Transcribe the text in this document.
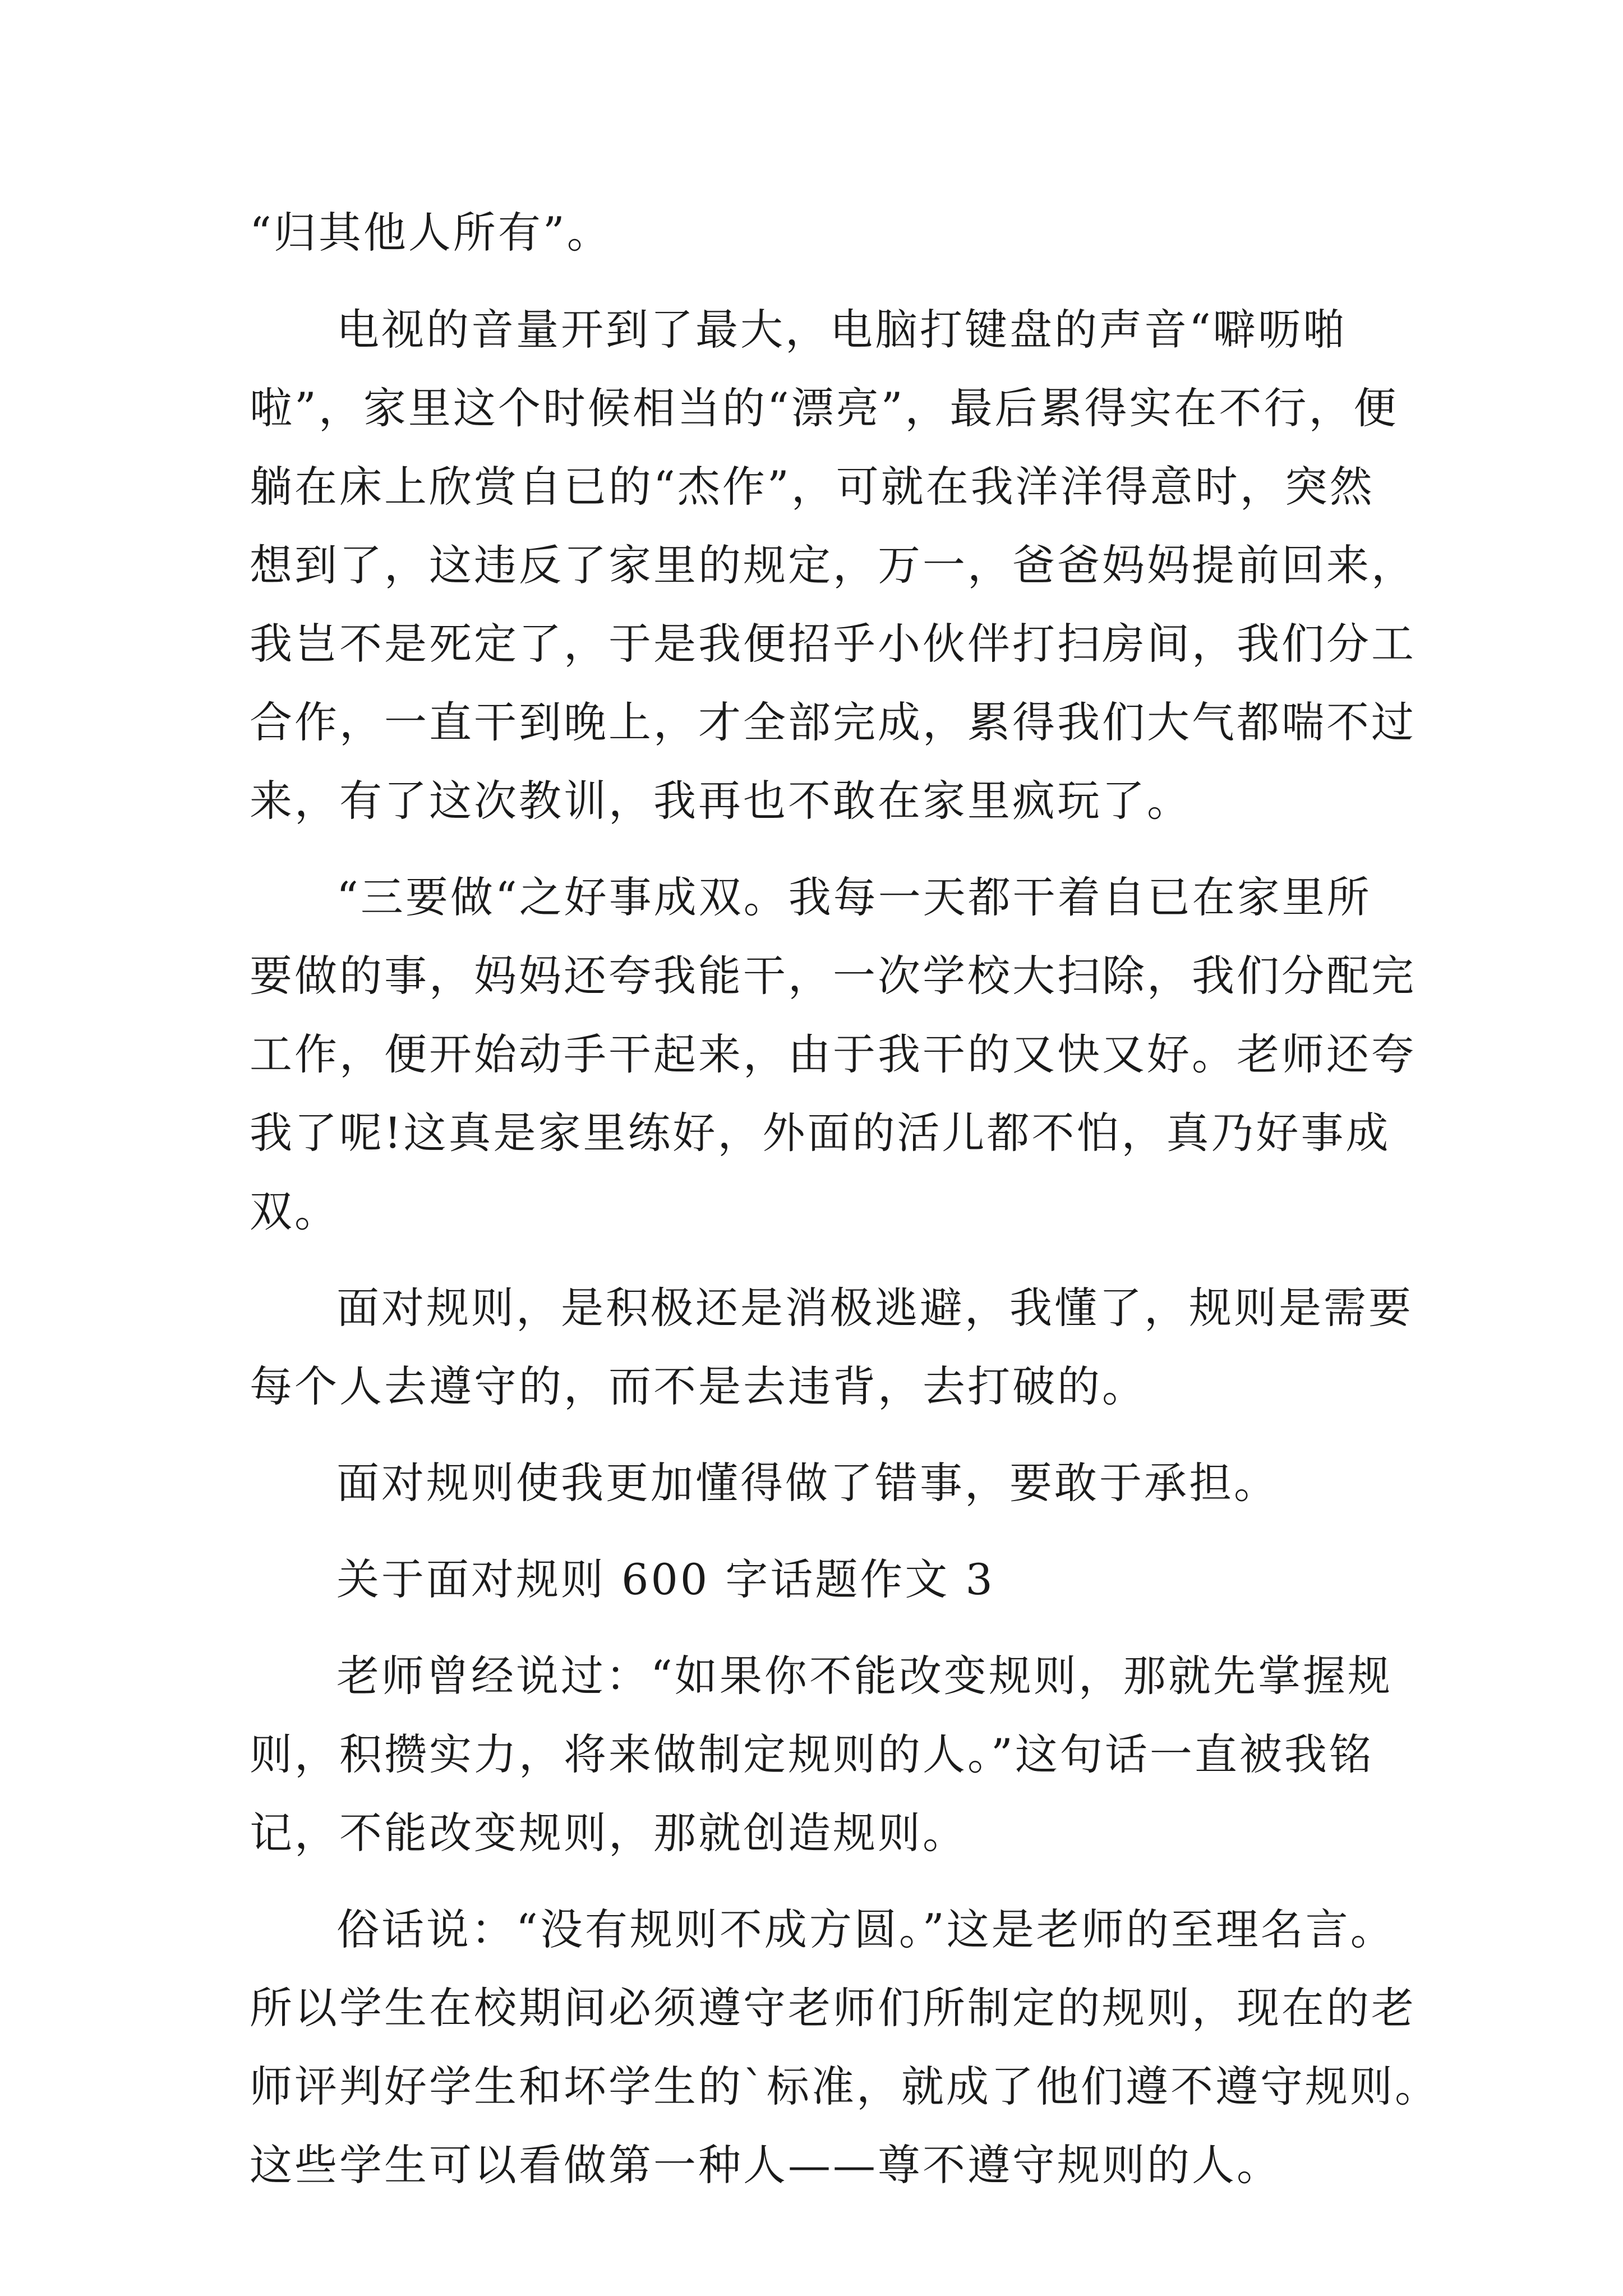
“归其他人所有”。

电视的音量开到了最大，电脑打键盘的声音“噼呖啪

啦”，家里这个时候相当的“漂亮”，最后累得实在不行，便

躺在床上欣赏自已的“杰作”，可就在我洋洋得意时，突然

想到了，这违反了家里的规定，万一，爸爸妈妈提前回来，

我岂不是死定了，于是我便招乎小伙伴打扫房间，我们分工

合作，一直干到晚上，才全部完成，累得我们大气都喘不过

来，有了这次教训，我再也不敢在家里疯玩了。

“三要做“之好事成双。我每一天都干着自已在家里所

要做的事，妈妈还夸我能干，一次学校大扫除，我们分配完

工作，便开始动手干起来，由于我干的又快又好。老师还夸

我了呢!这真是家里练好，外面的活儿都不怕，真乃好事成

双。

面对规则，是积极还是消极逃避，我懂了，规则是需要

每个人去遵守的，而不是去违背，去打破的。

面对规则使我更加懂得做了错事，要敢于承担。

关于面对规则 600 字话题作文 3

老师曾经说过：“如果你不能改变规则，那就先掌握规

则，积攒实力，将来做制定规则的人。”这句话一直被我铭

记，不能改变规则，那就创造规则。

俗话说：“没有规则不成方圆。”这是老师的至理名言。

所以学生在校期间必须遵守老师们所制定的规则，现在的老

师评判好学生和坏学生的`标准，就成了他们遵不遵守规则。

这些学生可以看做第一种人——尊不遵守规则的人。
